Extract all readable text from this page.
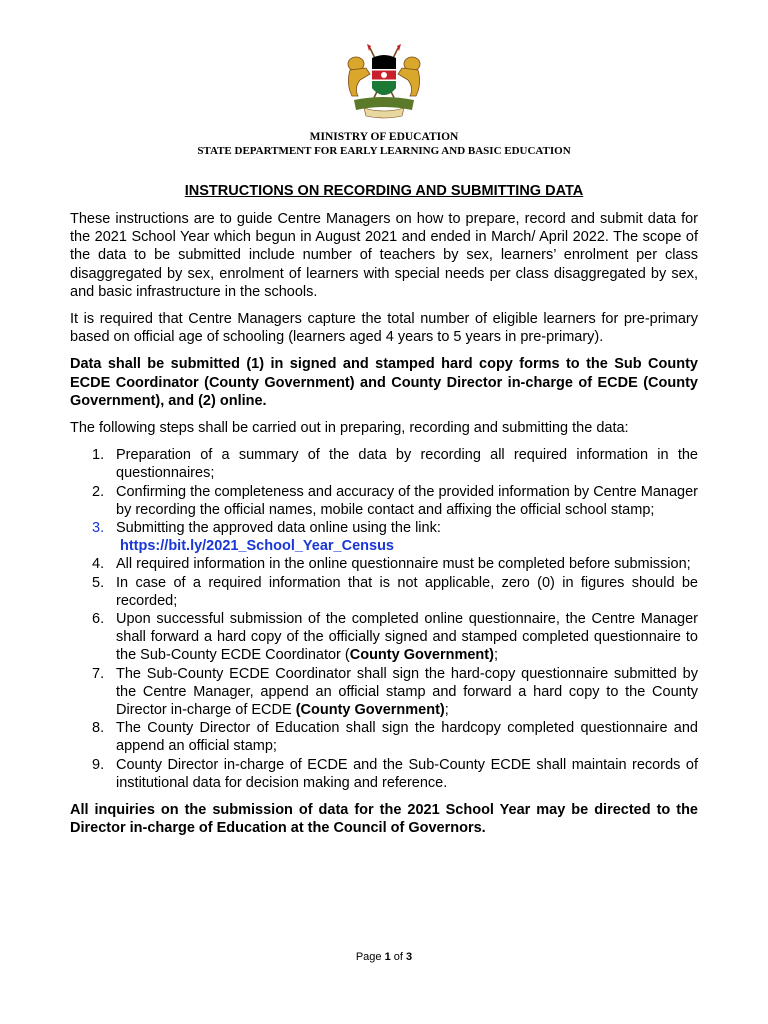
MINISTRY OF EDUCATION
STATE DEPARTMENT FOR EARLY LEARNING AND BASIC EDUCATION
INSTRUCTIONS ON RECORDING AND SUBMITTING DATA

These instructions are to guide Centre Managers on how to prepare, record and submit data for the 2021 School Year which begun in August 2021 and ended in March/ April 2022. The scope of the data to be submitted include number of teachers by sex, learners’ enrolment per class disaggregated by sex, enrolment of learners with special needs per class disaggregated by sex, and basic infrastructure in the schools.

It is required that Centre Managers capture the total number of eligible learners for pre-primary based on official age of schooling (learners aged 4 years to 5 years in pre-primary).

Data shall be submitted (1) in signed and stamped hard copy forms to the Sub County ECDE Coordinator (County Government) and County Director in-charge of ECDE (County Government), and (2) online.

The following steps shall be carried out in preparing, recording and submitting the data:

1. Preparation of a summary of the data by recording all required information in the questionnaires;
2. Confirming the completeness and accuracy of the provided information by Centre Manager by recording the official names, mobile contact and affixing the official school stamp;
3. Submitting the approved data online using the link:
https://bit.ly/2021_School_Year_Census
4. All required information in the online questionnaire must be completed before submission;
5. In case of a required information that is not applicable, zero (0) in figures should be recorded;
6. Upon successful submission of the completed online questionnaire, the Centre Manager shall forward a hard copy of the officially signed and stamped completed questionnaire to the Sub-County ECDE Coordinator (County Government);
7. The Sub-County ECDE Coordinator shall sign the hard-copy questionnaire submitted by the Centre Manager, append an official stamp and forward a hard copy to the County Director in-charge of ECDE (County Government);
8. The County Director of Education shall sign the hardcopy completed questionnaire and append an official stamp;
9. County Director in-charge of ECDE and the Sub-County ECDE shall maintain records of institutional data for decision making and reference.

All inquiries on the submission of data for the 2021 School Year may be directed to the Director in-charge of Education at the Council of Governors.

Page 1 of 3
